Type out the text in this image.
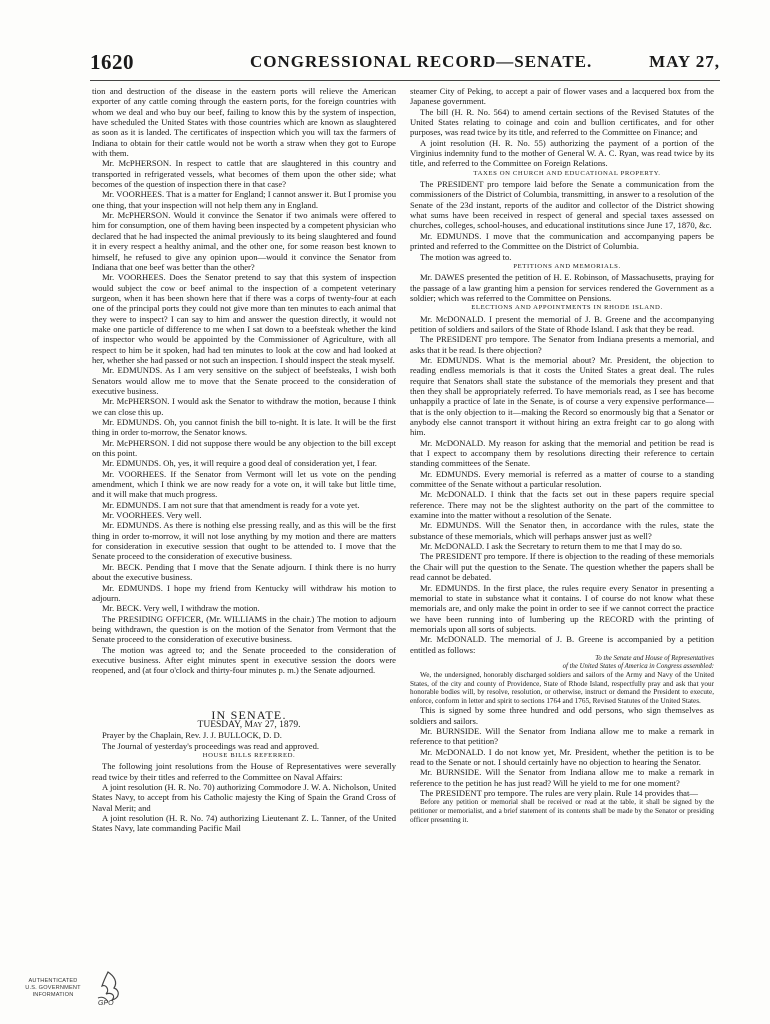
1620	CONGRESSIONAL RECORD—SENATE.	MAY 27,

tion and destruction of the disease in the eastern ports will relieve the American exporter of any cattle coming through the eastern ports, for the foreign countries with whom we deal and who buy our beef, failing to know this by the system of inspection, have scheduled the United States with those countries which are known as slaughtered as soon as it is landed. The certificates of inspection which you will tax the farmers of Indiana to obtain for their cattle would not be worth a straw when they got to Europe with them.

Mr. McPHERSON. In respect to cattle that are slaughtered in this country and transported in refrigerated vessels, what becomes of them upon the other side; what becomes of the question of inspection there in that case?

Mr. VOORHEES. That is a matter for England; I cannot answer it. But I promise you one thing, that your inspection will not help them any in England.

Mr. McPHERSON. Would it convince the Senator if two animals were offered to him for consumption, one of them having been inspected by a competent physician who declared that he had inspected the animal previously to its being slaughtered and found it in every respect a healthy animal, and the other one, for some reason best known to himself, he refused to give any opinion upon—would it convince the Senator from Indiana that one beef was better than the other?

Mr. VOORHEES. Does the Senator pretend to say that this system of inspection would subject the cow or beef animal to the inspection of a competent veterinary surgeon, when it has been shown here that if there was a corps of twenty-four at each one of the principal ports they could not give more than ten minutes to each animal that they were to inspect? I can say to him and answer the question directly, it would not make one particle of difference to me when I sat down to a beefsteak whether the kind of inspector who would be appointed by the Commissioner of Agriculture, with all respect to him be it spoken, had had ten minutes to look at the cow and had looked at her, whether she had passed or not such an inspection. I should inspect the steak myself.

Mr. EDMUNDS. As I am very sensitive on the subject of beefsteaks, I wish both Senators would allow me to move that the Senate proceed to the consideration of executive business.

Mr. McPHERSON. I would ask the Senator to withdraw the motion, because I think we can close this up.

Mr. EDMUNDS. Oh, you cannot finish the bill to-night. It is late. It will be the first thing in order to-morrow, the Senator knows.

Mr. McPHERSON. I did not suppose there would be any objection to the bill except on this point.

Mr. EDMUNDS. Oh, yes, it will require a good deal of consideration yet, I fear.

Mr. VOORHEES. If the Senator from Vermont will let us vote on the pending amendment, which I think we are now ready for a vote on, it will take but little time, and it will make that much progress.

Mr. EDMUNDS. I am not sure that that amendment is ready for a vote yet.

Mr. VOORHEES. Very well.

Mr. EDMUNDS. As there is nothing else pressing really, and as this will be the first thing in order to-morrow, it will not lose anything by my motion and there are matters for consideration in executive session that ought to be attended to. I move that the Senate proceed to the consideration of executive business.

Mr. BECK. Pending that I move that the Senate adjourn. I think there is no hurry about the executive business.

Mr. EDMUNDS. I hope my friend from Kentucky will withdraw his motion to adjourn.

Mr. BECK. Very well, I withdraw the motion.

The PRESIDING OFFICER, (Mr. WILLIAMS in the chair.) The motion to adjourn being withdrawn, the question is on the motion of the Senator from Vermont that the Senate proceed to the consideration of executive business.

The motion was agreed to; and the Senate proceeded to the consideration of executive business. After eight minutes spent in executive session the doors were reopened, and (at four o'clock and thirty-four minutes p. m.) the Senate adjourned.

IN SENATE.

TUESDAY, May 27, 1879.

Prayer by the Chaplain, Rev. J. J. BULLOCK, D. D.

The Journal of yesterday's proceedings was read and approved.

HOUSE BILLS REFERRED.

The following joint resolutions from the House of Representatives were severally read twice by their titles and referred to the Committee on Naval Affairs:

A joint resolution (H. R. No. 70) authorizing Commodore J. W. A. Nicholson, United States Navy, to accept from his Catholic majesty the King of Spain the Grand Cross of Naval Merit; and

A joint resolution (H. R. No. 74) authorizing Lieutenant Z. L. Tanner, of the United States Navy, late commanding Pacific Mail

steamer City of Peking, to accept a pair of flower vases and a lacquered box from the Japanese government.

The bill (H. R. No. 564) to amend certain sections of the Revised Statutes of the United States relating to coinage and coin and bullion certificates, and for other purposes, was read twice by its title, and referred to the Committee on Finance; and

A joint resolution (H. R. No. 55) authorizing the payment of a portion of the Virginius indemnity fund to the mother of General W. A. C. Ryan, was read twice by its title, and referred to the Committee on Foreign Relations.

TAXES ON CHURCH AND EDUCATIONAL PROPERTY.

The PRESIDENT pro tempore laid before the Senate a communication from the commissioners of the District of Columbia, transmitting, in answer to a resolution of the Senate of the 23d instant, reports of the auditor and collector of the District showing what sums have been received in respect of general and special taxes assessed on churches, colleges, school-houses, and educational institutions since June 17, 1870, &c.

Mr. EDMUNDS. I move that the communication and accompanying papers be printed and referred to the Committee on the District of Columbia.

The motion was agreed to.

PETITIONS AND MEMORIALS.

Mr. DAWES presented the petition of H. E. Robinson, of Massachusetts, praying for the passage of a law granting him a pension for services rendered the Government as a soldier; which was referred to the Committee on Pensions.

ELECTIONS AND APPOINTMENTS IN RHODE ISLAND.

Mr. McDONALD. I present the memorial of J. B. Greene and the accompanying petition of soldiers and sailors of the State of Rhode Island. I ask that they be read.

The PRESIDENT pro tempore. The Senator from Indiana presents a memorial, and asks that it be read. Is there objection?

Mr. EDMUNDS. What is the memorial about? Mr. President, the objection to reading endless memorials is that it costs the United States a great deal. The rules require that Senators shall state the substance of the memorials they present and that then they shall be appropriately referred. To have memorials read, as I see has become unhappily a practice of late in the Senate, is of course a very expensive performance—that is the only objection to it—making the Record so enormously big that a Senator or anybody else cannot transport it without hiring an extra freight car to go along with him.

Mr. McDONALD. My reason for asking that the memorial and petition be read is that I expect to accompany them by resolutions directing their reference to certain standing committees of the Senate.

Mr. EDMUNDS. Every memorial is referred as a matter of course to a standing committee of the Senate without a particular resolution.

Mr. McDONALD. I think that the facts set out in these papers require special reference. There may not be the slightest authority on the part of the committee to examine into the matter without a resolution of the Senate.

Mr. EDMUNDS. Will the Senator then, in accordance with the rules, state the substance of these memorials, which will perhaps answer just as well?

Mr. McDONALD. I ask the Secretary to return them to me that I may do so.

The PRESIDENT pro tempore. If there is objection to the reading of these memorials the Chair will put the question to the Senate. The question whether the papers shall be read cannot be debated.

Mr. EDMUNDS. In the first place, the rules require every Senator in presenting a memorial to state in substance what it contains. I of course do not know what these memorials are, and only make the point in order to see if we cannot correct the practice we have been running into of lumbering up the RECORD with the printing of memorials upon all sorts of subjects.

Mr. McDONALD. The memorial of J. B. Greene is accompanied by a petition entitled as follows:

To the Senate and House of Representatives

of the United States of America in Congress assembled:

We, the undersigned, honorably discharged soldiers and sailors of the Army and Navy of the United States, of the city and county of Providence, State of Rhode Island, respectfully pray and ask that your honorable bodies will, by resolve, resolution, or otherwise, instruct or demand the President to execute, enforce, conform in letter and spirit to sections 1764 and 1765, Revised Statutes of the United States.

This is signed by some three hundred and odd persons, who sign themselves as soldiers and sailors.

Mr. BURNSIDE. Will the Senator from Indiana allow me to make a remark in reference to that petition?

Mr. McDONALD. I do not know yet, Mr. President, whether the petition is to be read to the Senate or not. I should certainly have no objection to hearing the Senator.

Mr. BURNSIDE. Will the Senator from Indiana allow me to make a remark in reference to the petition he has just read? Will he yield to me for one moment?

The PRESIDENT pro tempore. The rules are very plain. Rule 14 provides that—

Before any petition or memorial shall be received or read at the table, it shall be signed by the petitioner or memorialist, and a brief statement of its contents shall be made by the Senator or presiding officer presenting it.

AUTHENTICATED
U.S. GOVERNMENT
INFORMATION
GPO
